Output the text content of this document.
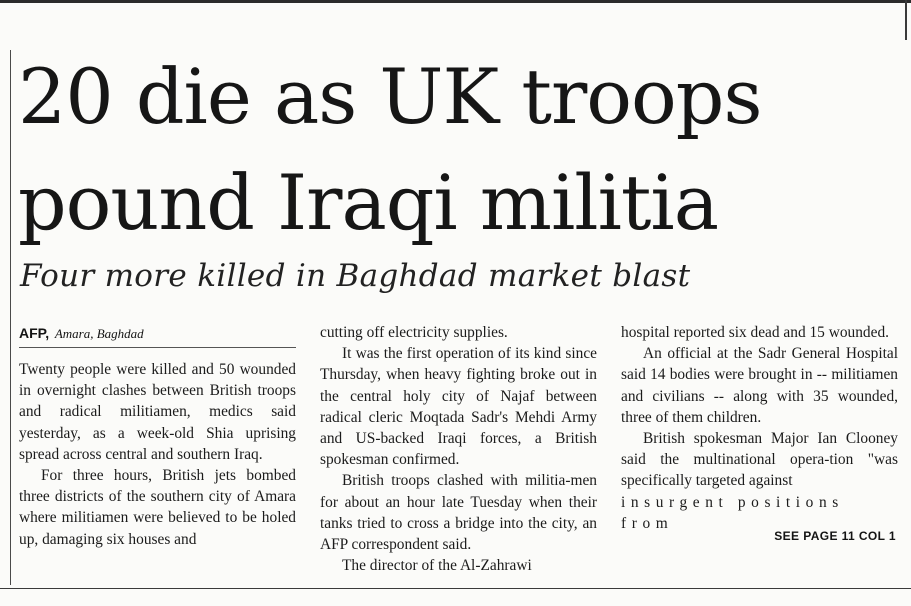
20 die as UK troops
pound Iraqi militia
Four more killed in Baghdad market blast
AFP, Amara, Baghdad

Twenty people were killed and 50 wounded in overnight clashes between British troops and radical militiamen, medics said yesterday, as a week-old Shia uprising spread across central and southern Iraq.

For three hours, British jets bombed three districts of the southern city of Amara where militiamen were believed to be holed up, damaging six houses and

cutting off electricity supplies.

It was the first operation of its kind since Thursday, when heavy fighting broke out in the central holy city of Najaf between radical cleric Moqtada Sadr's Mehdi Army and US-backed Iraqi forces, a British spokesman confirmed.

British troops clashed with militia-men for about an hour late Tuesday when their tanks tried to cross a bridge into the city, an AFP correspondent said.

The director of the Al-Zahrawi

hospital reported six dead and 15 wounded.

An official at the Sadr General Hospital said 14 bodies were brought in -- militiamen and civilians -- along with 35 wounded, three of them children.

British spokesman Major Ian Clooney said the multinational opera-tion "was specifically targeted against

insurgent positions from

SEE PAGE 11 COL 1
